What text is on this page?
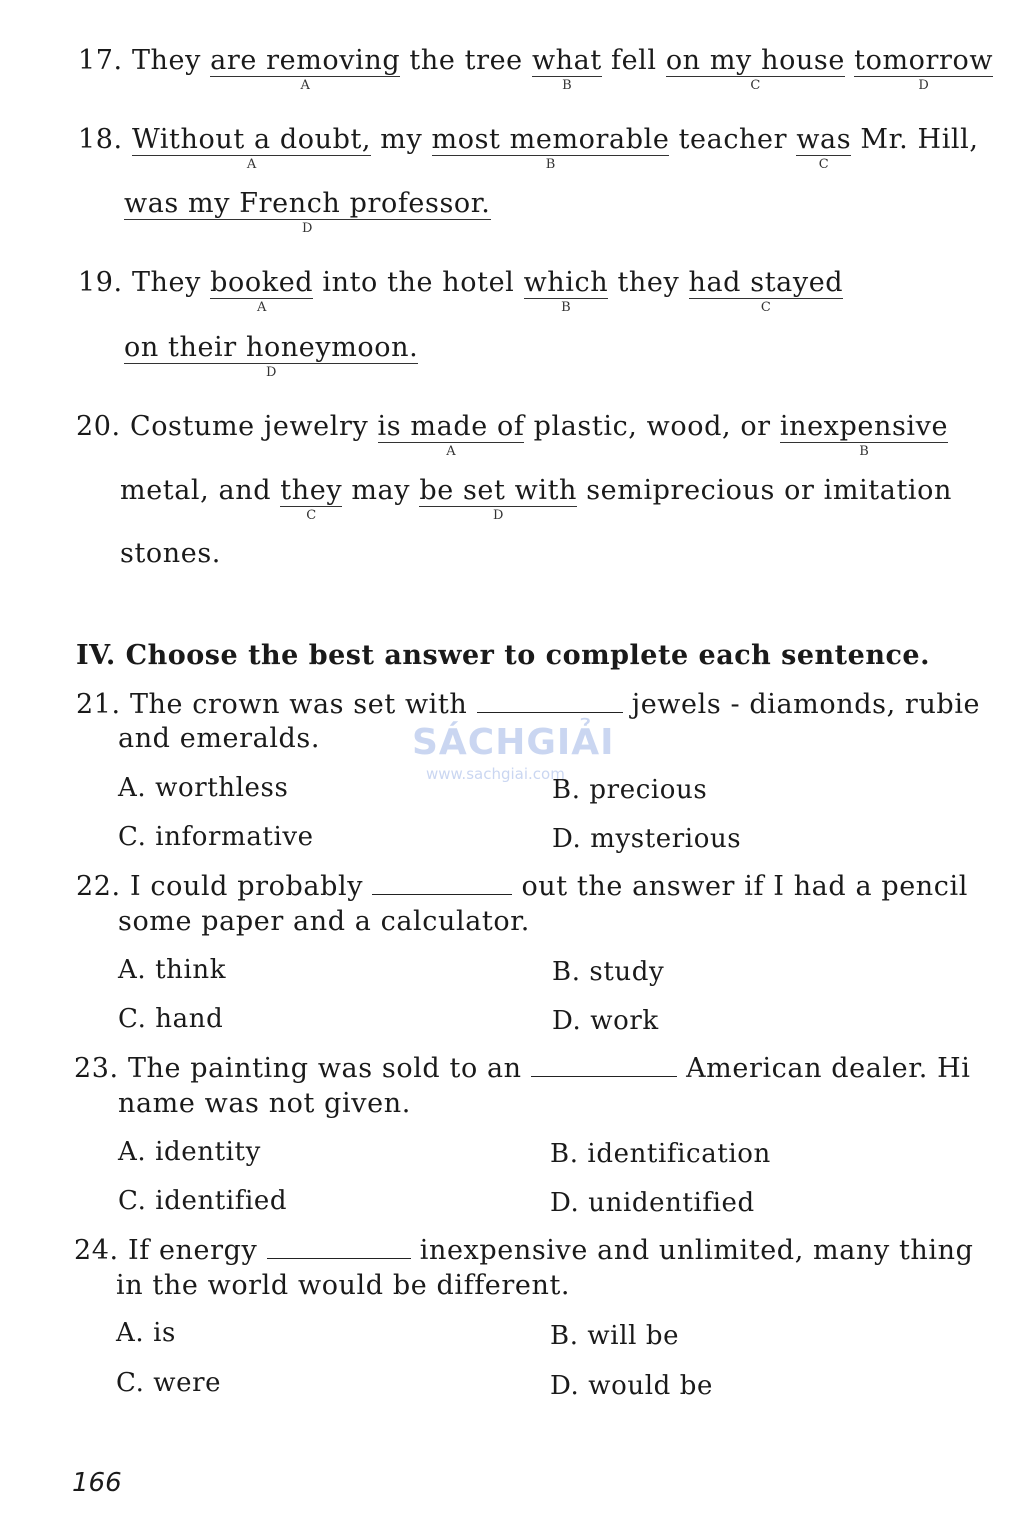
17. They are removing
A
the tree what
B
fell on my house
C
tomorrow
D
18. Without a doubt,
A
my most memorable
B
teacher was
C
Mr. Hill,
was my French professor.
D
19. They booked
A
into the hotel which
B
they had stayed
C
on their honeymoon.
D
20. Costume jewelry is made of
A
plastic, wood, or inexpensive
B
metal, and they
C
may be set with
D
semiprecious or imitation
stones.
IV. Choose the best answer to complete each sentence.
21. The crown was set with	jewels - diamonds, rubie
and emeralds.
A. worthless	B. precious
C. informative	D. mysterious
22. I could probably	out the answer if I had a pencil
some paper and a calculator.
A. think	B. study
C. hand	D. work
23. The painting was sold to an	American dealer. Hi
name was not given.
A. identity	B. identification
C. identified	D. unidentified
24. If energy	inexpensive and unlimited, many thing
in the world would be different.
A. is	B. will be
C. were	D. would be
SÁCHGIẢI
www.sachgiai.com
166
